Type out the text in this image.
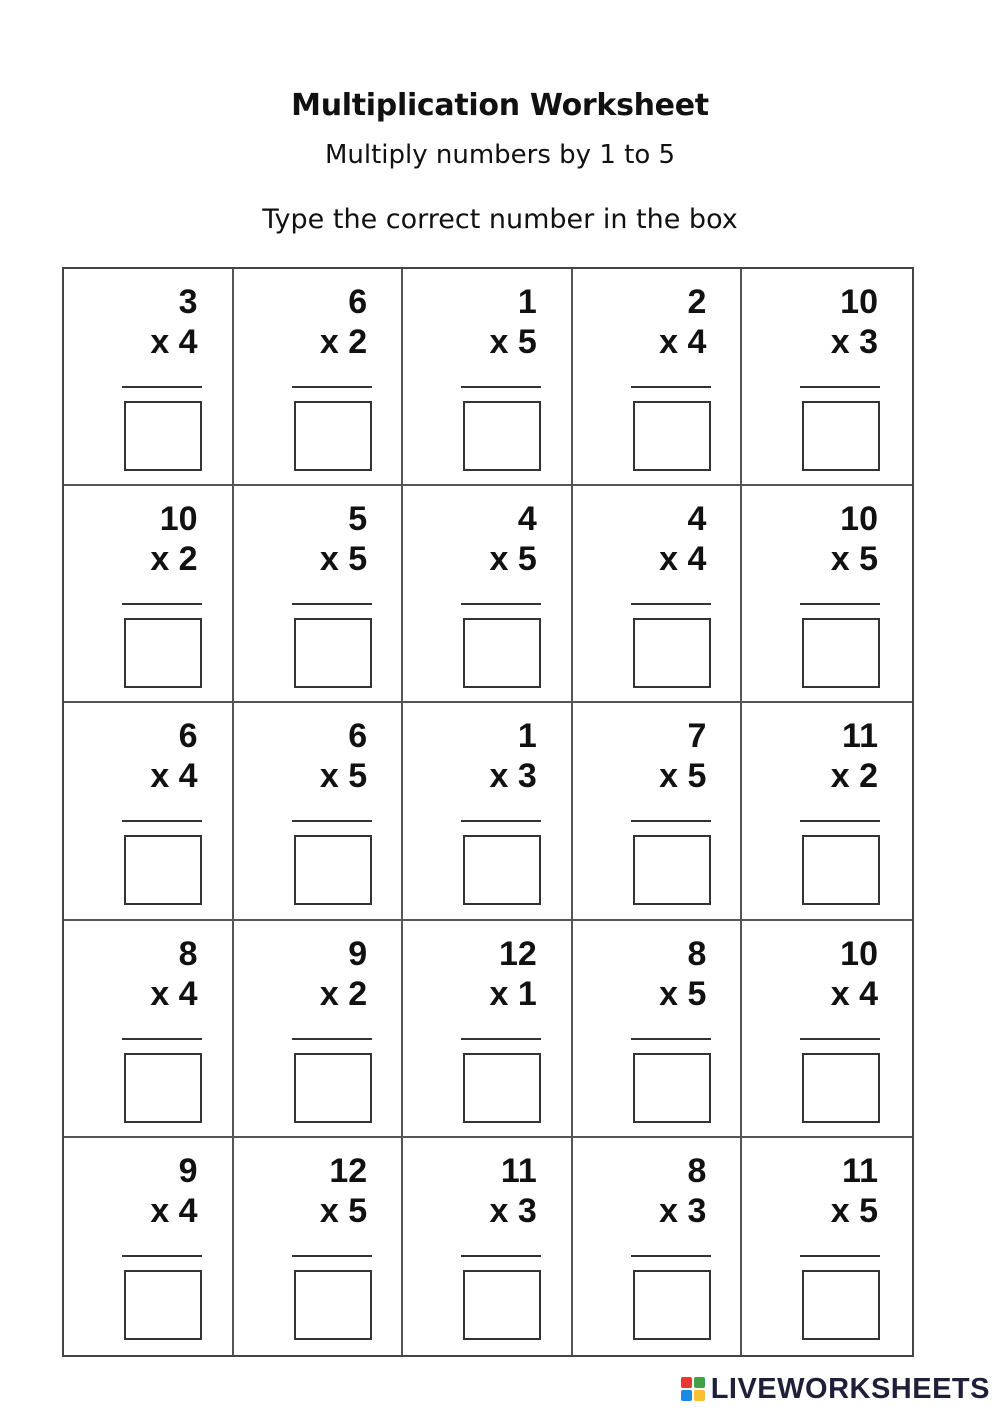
Multiplication Worksheet
Multiply numbers by 1 to 5
Type the correct number in the box
3
x 4
6
x 2
1
x 5
2
x 4
10
x 3
10
x 2
5
x 5
4
x 5
4
x 4
10
x 5
6
x 4
6
x 5
1
x 3
7
x 5
11
x 2
8
x 4
9
x 2
12
x 1
8
x 5
10
x 4
9
x 4
12
x 5
11
x 3
8
x 3
11
x 5
LIVEWORKSHEETS
